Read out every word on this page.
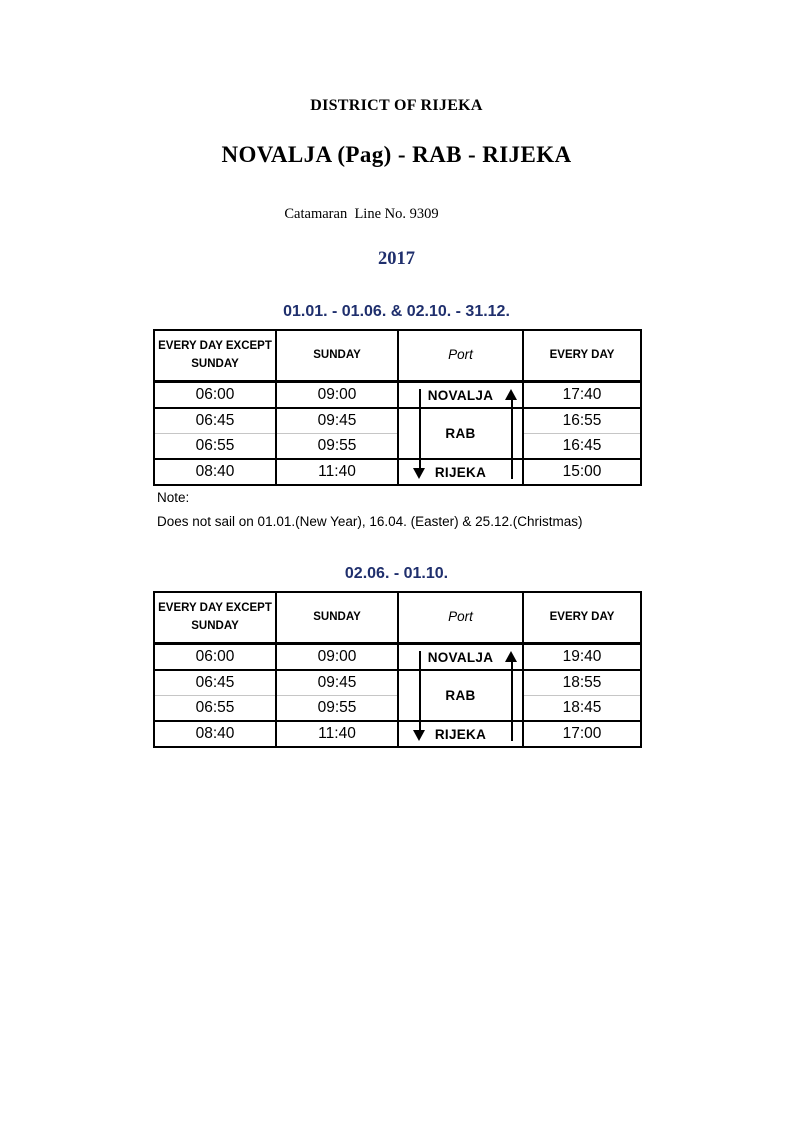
DISTRICT OF RIJEKA
NOVALJA (Pag) - RAB - RIJEKA
Catamaran  Line No. 9309
2017
01.01. - 01.06. & 02.10. - 31.12.
EVERY DAY EXCEPT SUNDAY	SUNDAY	Port	EVERY DAY
06:00	09:00	NOVALJA	17:40
06:45	09:45	RAB	16:55
06:55	09:55		16:45
08:40	11:40	RIJEKA	15:00
Note:
Does not sail on 01.01.(New Year), 16.04. (Easter) & 25.12.(Christmas)
02.06. - 01.10.
EVERY DAY EXCEPT SUNDAY	SUNDAY	Port	EVERY DAY
06:00	09:00	NOVALJA	19:40
06:45	09:45	RAB	18:55
06:55	09:55		18:45
08:40	11:40	RIJEKA	17:00
